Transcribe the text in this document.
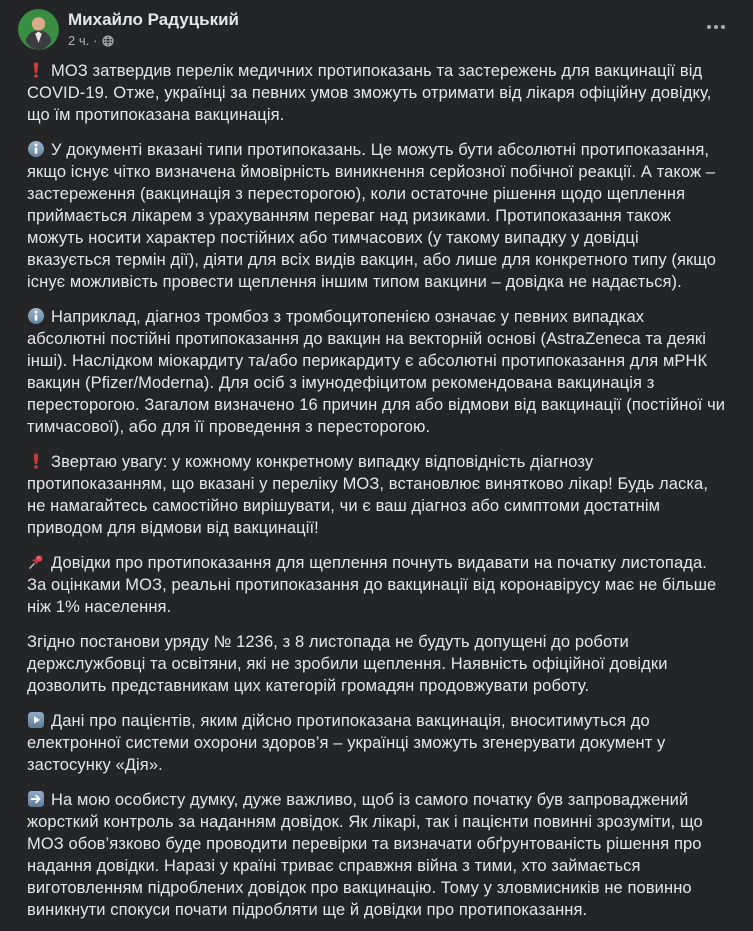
Михайло Радуцький
2 ч. ·

МОЗ затвердив перелік медичних протипоказань та застережень для вакцинації від COVID-19. Отже, українці за певних умов зможуть отримати від лікаря офіційну довідку, що їм протипоказана вакцинація.

У документі вказані типи протипоказань. Це можуть бути абсолютні протипоказання, якщо існує чітко визначена ймовірність виникнення серйозної побічної реакції. А також – застереження (вакцинація з пересторогою), коли остаточне рішення щодо щеплення приймається лікарем з урахуванням переваг над ризиками. Протипоказання також можуть носити характер постійних або тимчасових (у такому випадку у довідці вказується термін дії), діяти для всіх видів вакцин, або лише для конкретного типу (якщо існує можливість провести щеплення іншим типом вакцини – довідка не надається).

Наприклад, діагноз тромбоз з тромбоцитопенією означає у певних випадках абсолютні постійні протипоказання до вакцин на векторній основі (AstraZeneca та деякі інші). Наслідком міокардиту та/або перикардиту є абсолютні протипоказання для мРНК вакцин (Pfizer/Moderna). Для осіб з імунодефіцитом рекомендована вакцинація з пересторогою. Загалом визначено 16 причин для або відмови від вакцинації (постійної чи тимчасової), або для її проведення з пересторогою.

Звертаю увагу: у кожному конкретному випадку відповідність діагнозу протипоказанням, що вказані у переліку МОЗ, встановлює винятково лікар! Будь ласка, не намагайтесь самостійно вирішувати, чи є ваш діагноз або симптоми достатнім приводом для відмови від вакцинації!

Довідки про протипоказання для щеплення почнуть видавати на початку листопада. За оцінками МОЗ, реальні протипоказання до вакцинації від коронавірусу має не більше ніж 1% населення.

Згідно постанови уряду № 1236, з 8 листопада не будуть допущені до роботи держслужбовці та освітяни, які не зробили щеплення. Наявність офіційної довідки дозволить представникам цих категорій громадян продовжувати роботу.

Дані про пацієнтів, яким дійсно протипоказана вакцинація, вноситимуться до електронної системи охорони здоров’я – українці зможуть згенерувати документ у застосунку «Дія».

На мою особисту думку, дуже важливо, щоб із самого початку був запроваджений жорсткий контроль за наданням довідок. Як лікарі, так і пацієнти повинні зрозуміти, що МОЗ обов’язково буде проводити перевірки та визначати обґрунтованість рішення про надання довідки. Наразі у країні триває справжня війна з тими, хто займається виготовленням підроблених довідок про вакцинацію. Тому у зловмисників не повинно виникнути спокуси почати підробляти ще й довідки про протипоказання.
